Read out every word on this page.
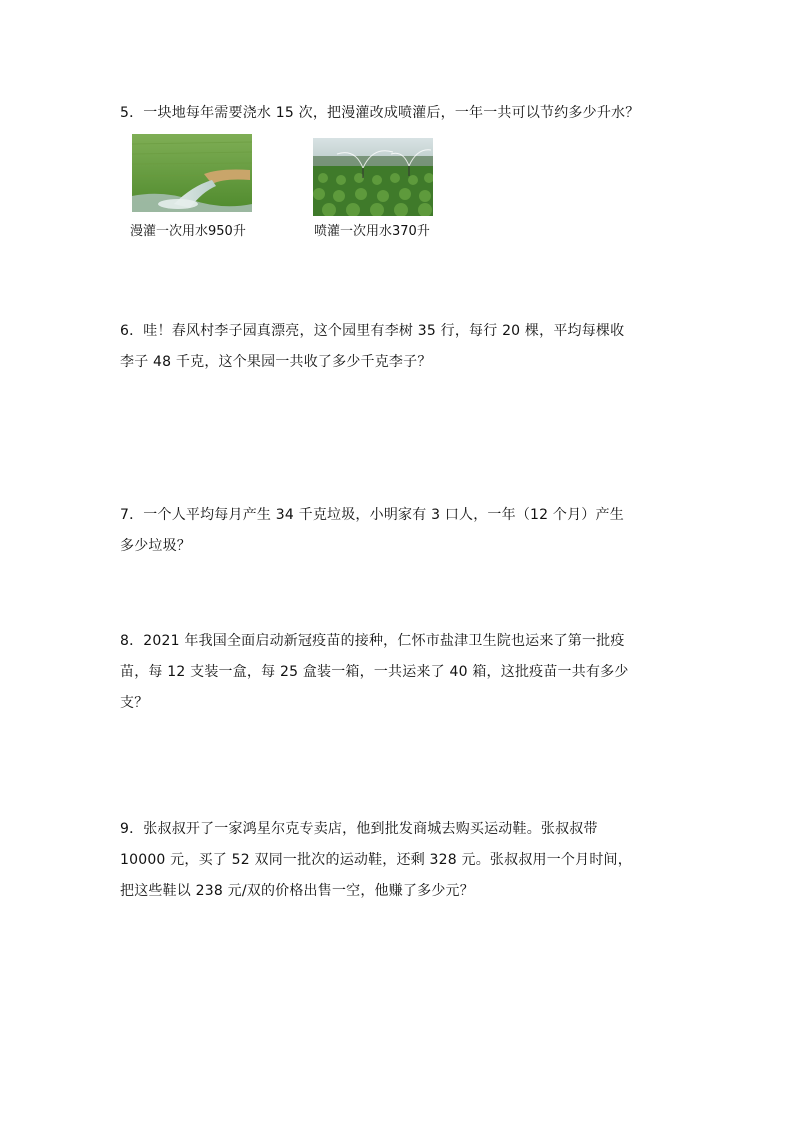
5．一块地每年需要浇水 15 次，把漫灌改成喷灌后，一年一共可以节约多少升水？

漫灌一次用水950升	喷灌一次用水370升

6．哇！春风村李子园真漂亮，这个园里有李树 35 行，每行 20 棵，平均每棵收

李子 48 千克，这个果园一共收了多少千克李子？

7．一个人平均每月产生 34 千克垃圾，小明家有 3 口人，一年（12 个月）产生

多少垃圾？

8．2021 年我国全面启动新冠疫苗的接种，仁怀市盐津卫生院也运来了第一批疫

苗，每 12 支装一盒，每 25 盒装一箱，一共运来了 40 箱，这批疫苗一共有多少

支？

9．张叔叔开了一家鸿星尔克专卖店，他到批发商城去购买运动鞋。张叔叔带

10000 元，买了 52 双同一批次的运动鞋，还剩 328 元。张叔叔用一个月时间，

把这些鞋以 238 元/双的价格出售一空，他赚了多少元？
